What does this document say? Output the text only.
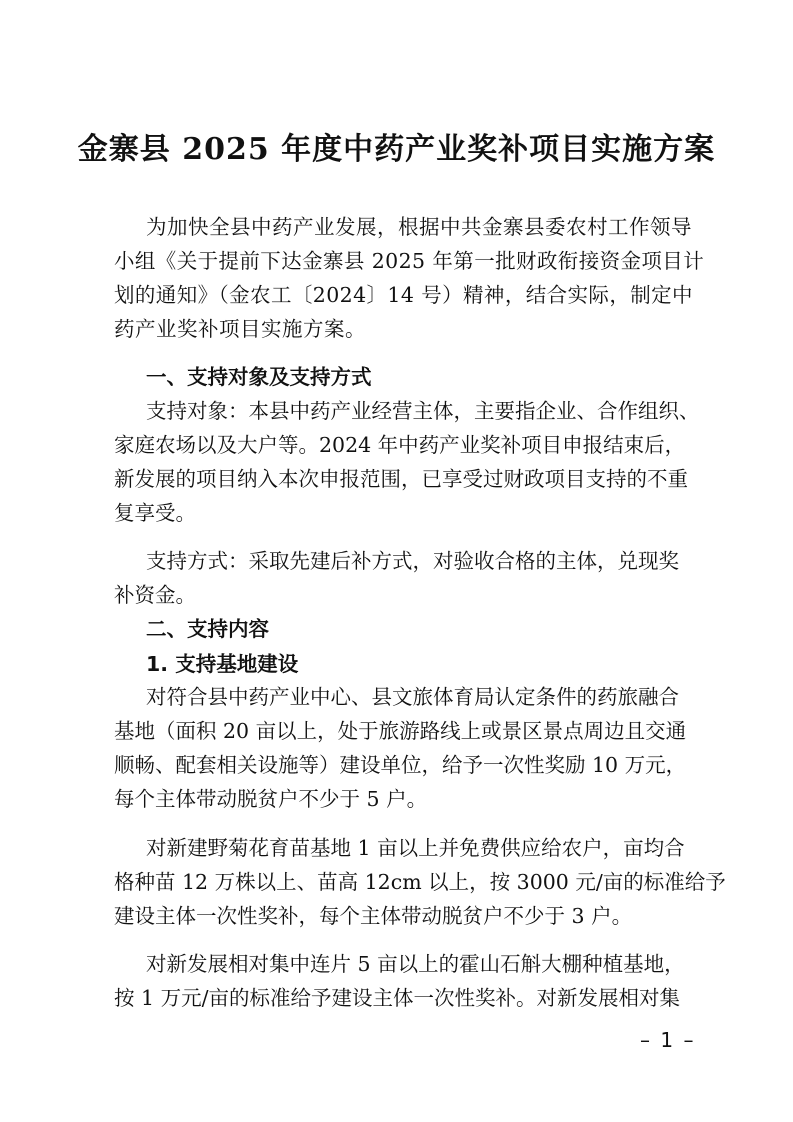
金寨县 2025 年度中药产业奖补项目实施方案
为加快全县中药产业发展，根据中共金寨县委农村工作领导
小组《关于提前下达金寨县 2025 年第一批财政衔接资金项目计
划的通知》（金农工〔2024〕14 号）精神，结合实际，制定中
药产业奖补项目实施方案。
一、支持对象及支持方式
支持对象：本县中药产业经营主体，主要指企业、合作组织、
家庭农场以及大户等。2024 年中药产业奖补项目申报结束后，
新发展的项目纳入本次申报范围，已享受过财政项目支持的不重
复享受。
支持方式：采取先建后补方式，对验收合格的主体，兑现奖
补资金。
二、支持内容
1. 支持基地建设
对符合县中药产业中心、县文旅体育局认定条件的药旅融合
基地（面积 20 亩以上，处于旅游路线上或景区景点周边且交通
顺畅、配套相关设施等）建设单位，给予一次性奖励 10 万元，
每个主体带动脱贫户不少于 5 户。
对新建野菊花育苗基地 1 亩以上并免费供应给农户，亩均合
格种苗 12 万株以上、苗高 12cm 以上，按 3000 元/亩的标准给予
建设主体一次性奖补，每个主体带动脱贫户不少于 3 户。
对新发展相对集中连片 5 亩以上的霍山石斛大棚种植基地，
按 1 万元/亩的标准给予建设主体一次性奖补。对新发展相对集
– 1 –
